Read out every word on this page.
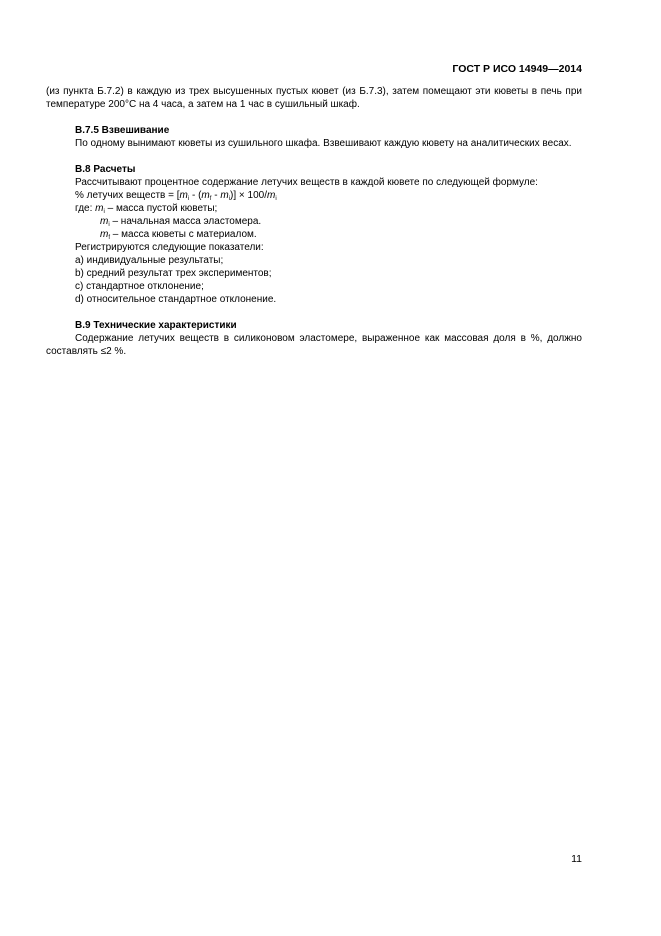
ГОСТ Р ИСО 14949—2014

(из пункта Б.7.2) в каждую из трех высушенных пустых кювет (из Б.7.3), затем помещают эти кюветы в печь при температуре 200°С на 4 часа, а затем на 1 час в сушильный шкаф.

В.7.5 Взвешивание

По одному вынимают кюветы из сушильного шкафа. Взвешивают каждую кювету на аналитических весах.

В.8 Расчеты

Рассчитывают процентное содержание летучих веществ в каждой кювете по следующей формуле:

% летучих веществ = $[m_i - (m_f - m_i)] \times 100/m_i$

где: $m_i$ – масса пустой кюветы;

$m_i$ – начальная масса эластомера.

$m_f$ – масса кюветы с материалом.

Регистрируются следующие показатели:

a) индивидуальные результаты;

b) средний результат трех экспериментов;

c) стандартное отклонение;

d) относительное стандартное отклонение.

В.9 Технические характеристики

Содержание летучих веществ в силиконовом эластомере, выраженное как массовая доля в %, должно составлять ≤2 %.

11
